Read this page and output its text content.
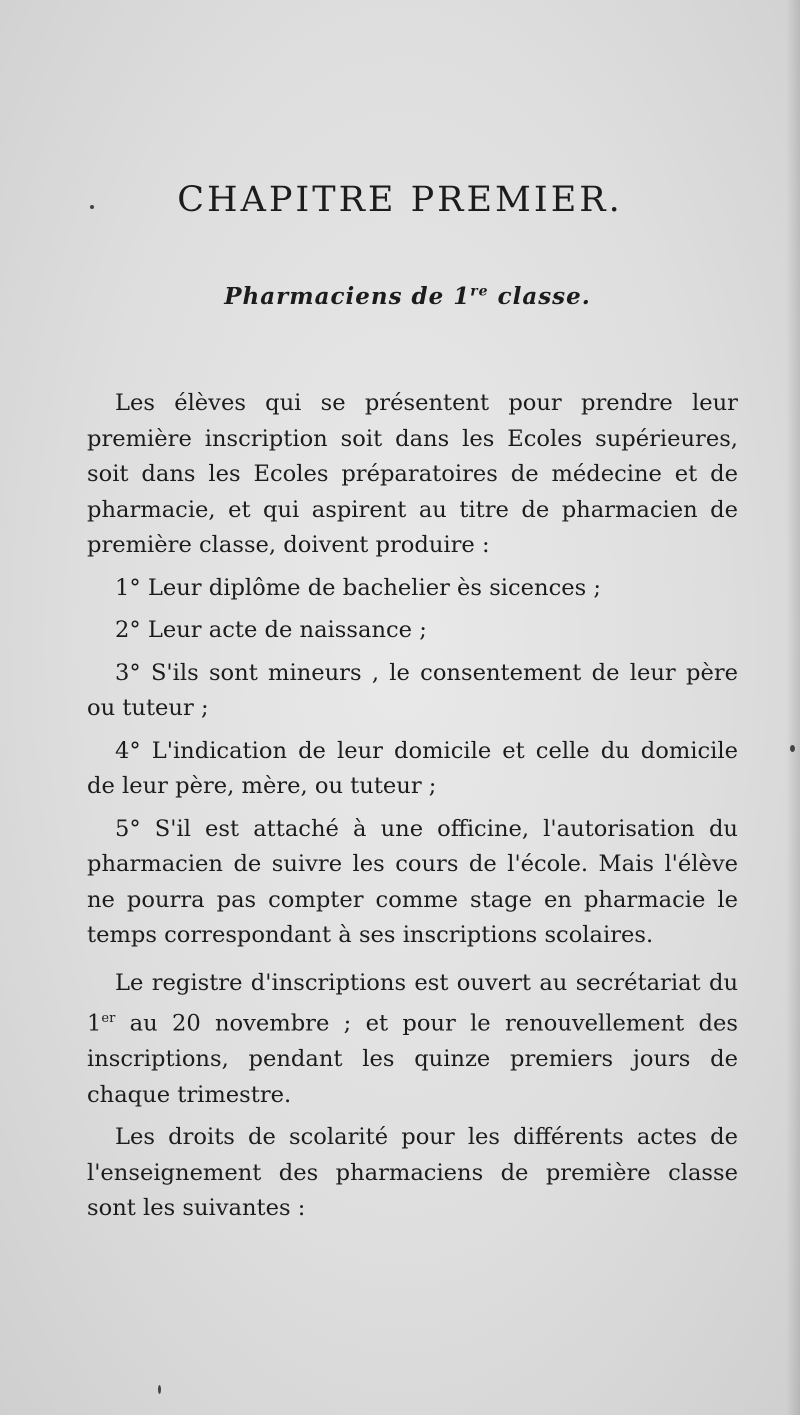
CHAPITRE PREMIER.
Pharmaciens de 1re classe.

Les élèves qui se présentent pour prendre leur première inscription soit dans les Ecoles supérieures, soit dans les Ecoles préparatoires de médecine et de pharmacie, et qui aspirent au titre de pharmacien de première classe, doivent produire :

1° Leur diplôme de bachelier ès sicences ;

2° Leur acte de naissance ;

3° S'ils sont mineurs , le consentement de leur père ou tuteur ;

4° L'indication de leur domicile et celle du domicile de leur père, mère, ou tuteur ;

5° S'il est attaché à une officine, l'autorisation du pharmacien de suivre les cours de l'école. Mais l'élève ne pourra pas compter comme stage en pharmacie le temps correspondant à ses inscriptions scolaires.

Le registre d'inscriptions est ouvert au secrétariat du 1er au 20 novembre ; et pour le renouvellement des inscriptions, pendant les quinze premiers jours de chaque trimestre.

Les droits de scolarité pour les différents actes de l'enseignement des pharmaciens de première classe sont les suivantes :
